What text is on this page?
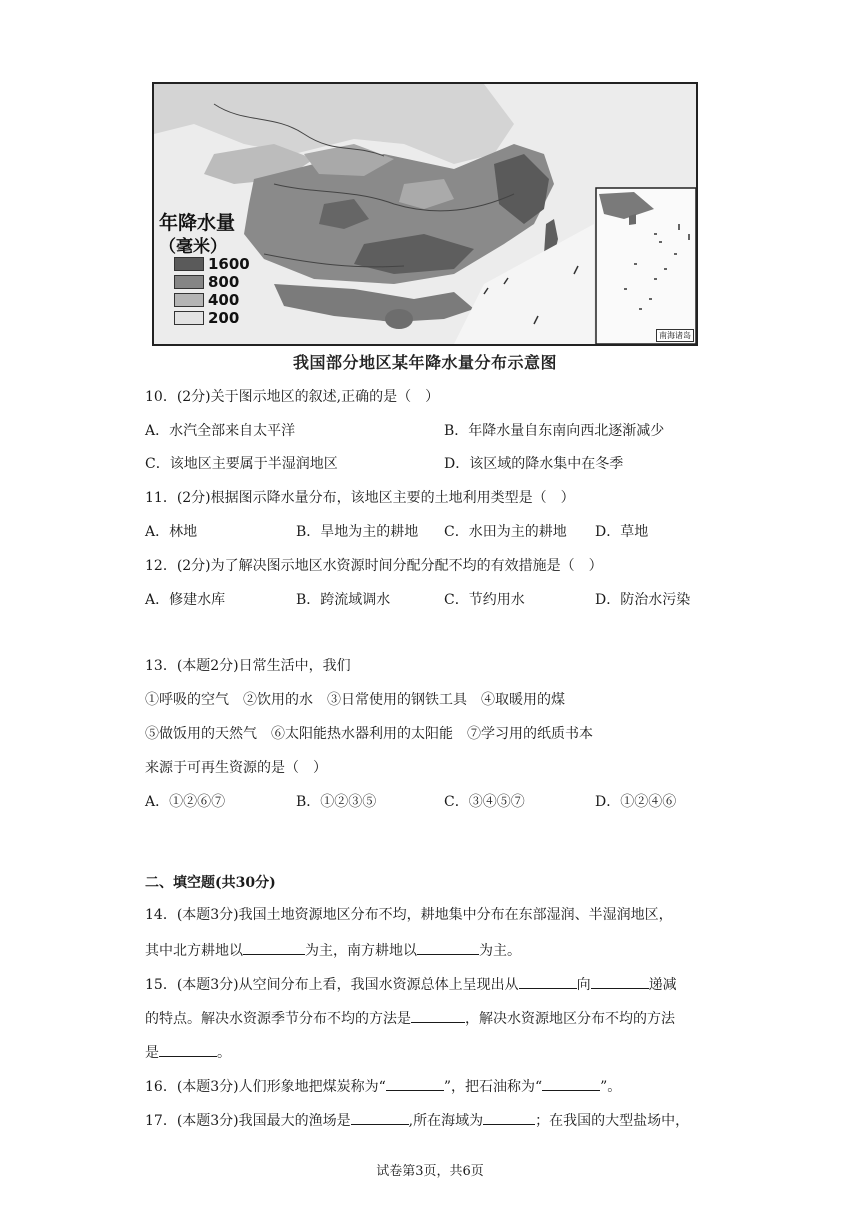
年降水量
（毫米）
1600
800
400
200
南海诸岛
我国部分地区某年降水量分布示意图
10．(2分)关于图示地区的叙述,正确的是（　）
A．水汽全部来自太平洋	B．年降水量自东南向西北逐渐减少
C．该地区主要属于半湿润地区	D．该区域的降水集中在冬季
11．(2分)根据图示降水量分布，该地区主要的土地利用类型是（　）
A．林地	B．旱地为主的耕地 C．水田为主的耕地 D．草地
12．(2分)为了解决图示地区水资源时间分配分配不均的有效措施是（　）
A．修建水库	B．跨流域调水	C．节约用水	D．防治水污染
13．(本题2分)日常生活中，我们
①呼吸的空气　②饮用的水　③日常使用的钢铁工具　④取暖用的煤
⑤做饭用的天然气　⑥太阳能热水器利用的太阳能　⑦学习用的纸质书本
来源于可再生资源的是（　）
A．①②⑥⑦	B．①②③⑤	C．③④⑤⑦	D．①②④⑥
二、填空题(共30分)
14．(本题3分)我国土地资源地区分布不均，耕地集中分布在东部湿润、半湿润地区，
其中北方耕地以	为主，南方耕地以	为主。
15．(本题3分)从空间分布上看，我国水资源总体上呈现出从	向	递减
的特点。解决水资源季节分布不均的方法是	，解决水资源地区分布不均的方法
是	。
16．(本题3分)人们形象地把煤炭称为“	”，把石油称为“	”。
17．(本题3分)我国最大的渔场是	,所在海域为	；在我国的大型盐场中，
试卷第3页，共6页
